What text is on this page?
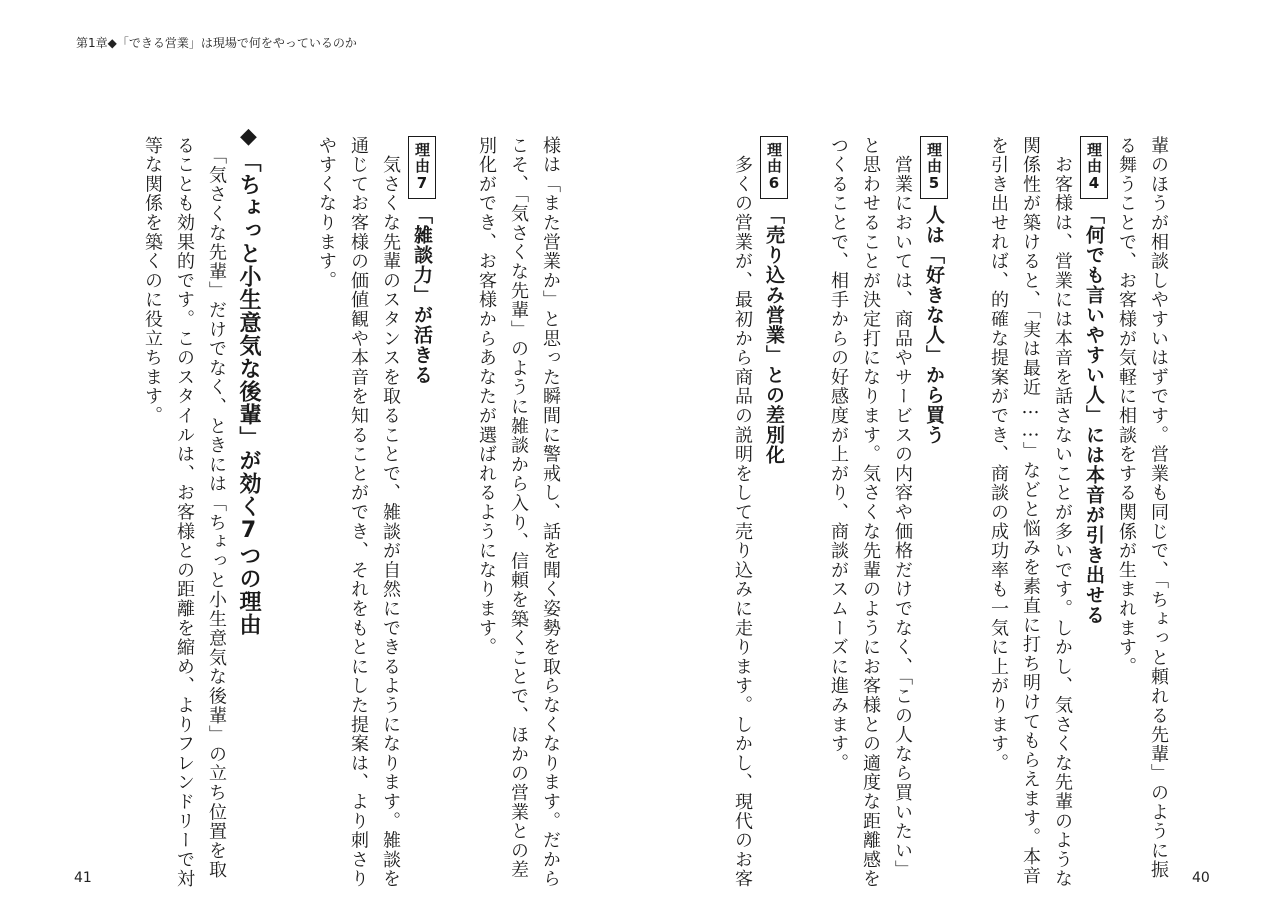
第1章◆「できる営業」は現場で何をやっているのか
輩のほうが相談しやすいはずです。営業も同じで、「ちょっと頼れる先輩」のように振
る舞うことで、お客様が気軽に相談をする関係が生まれます。
理由4「何でも言いやすい人」には本音が引き出せる
　お客様は、営業には本音を話さないことが多いです。しかし、気さくな先輩のような
関係性が築けると、「実は最近……」などと悩みを素直に打ち明けてもらえます。本音
を引き出せれば、的確な提案ができ、商談の成功率も一気に上がります。
理由5人は「好きな人」から買う
　営業においては、商品やサービスの内容や価格だけでなく、「この人なら買いたい」
と思わせることが決定打になります。気さくな先輩のようにお客様との適度な距離感を
つくることで、相手からの好感度が上がり、商談がスムーズに進みます。
理由6「売り込み営業」との差別化
　多くの営業が、最初から商品の説明をして売り込みに走ります。しかし、現代のお客
様は「また営業か」と思った瞬間に警戒し、話を聞く姿勢を取らなくなります。だから
こそ、「気さくな先輩」のように雑談から入り、信頼を築くことで、ほかの営業との差
別化ができ、お客様からあなたが選ばれるようになります。
理由7「雑談力」が活きる
　気さくな先輩のスタンスを取ることで、雑談が自然にできるようになります。雑談を
通じてお客様の価値観や本音を知ることができ、それをもとにした提案は、より刺さり
やすくなります。
◆「ちょっと小生意気な後輩」が効く7つの理由
　「気さくな先輩」だけでなく、ときには「ちょっと小生意気な後輩」の立ち位置を取
ることも効果的です。このスタイルは、お客様との距離を縮め、よりフレンドリーで対
等な関係を築くのに役立ちます。
41	40
